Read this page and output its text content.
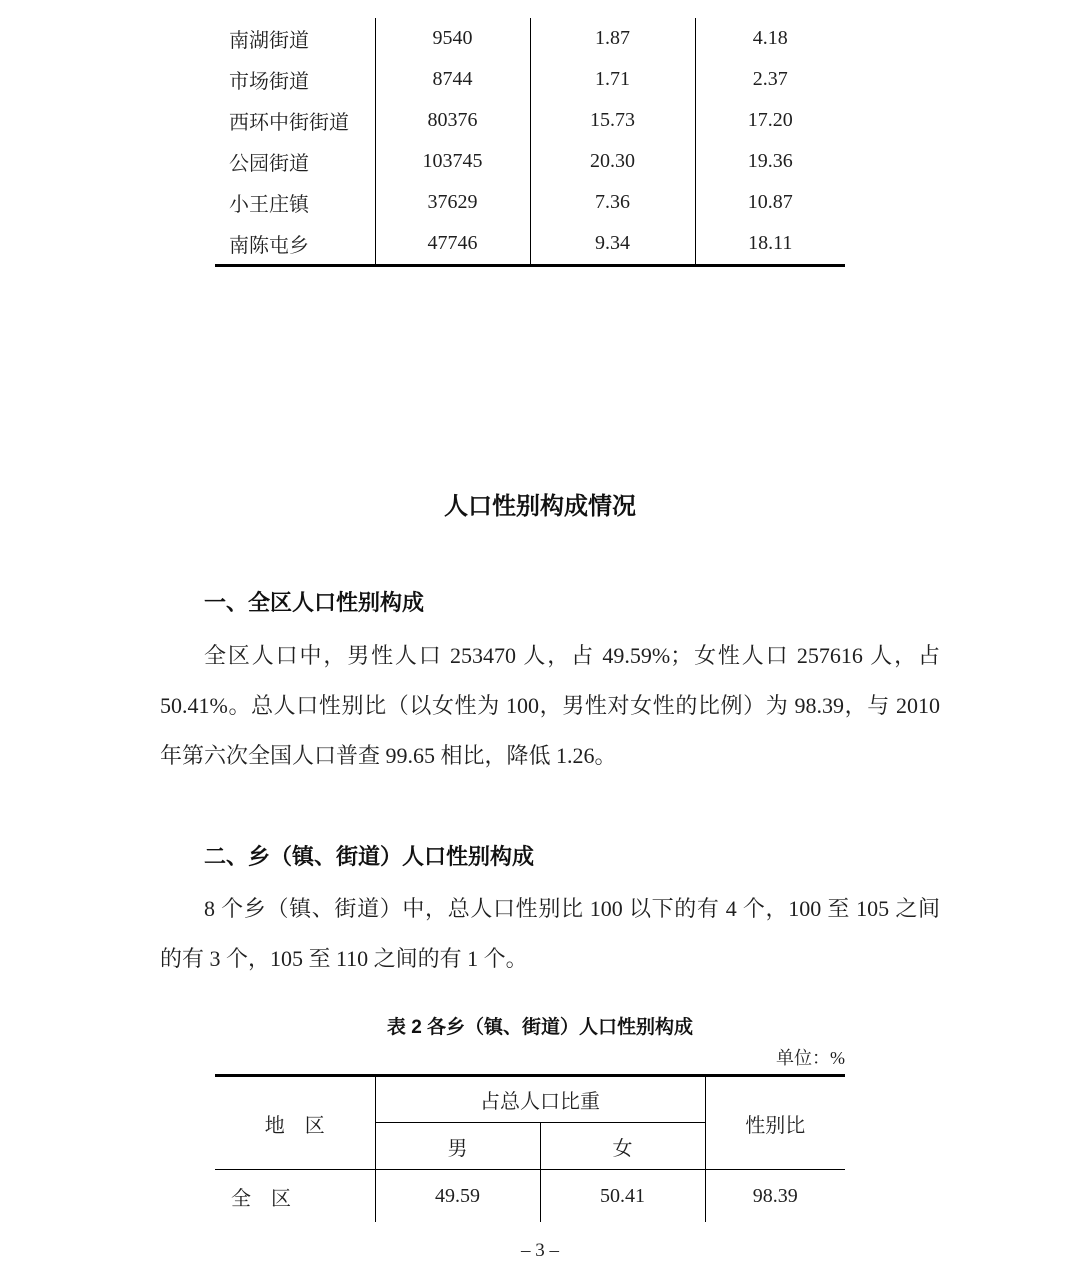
南湖街道	9540	1.87	4.18
市场街道	8744	1.71	2.37
西环中街街道	80376	15.73	17.20
公园街道	103745	20.30	19.36
小王庄镇	37629	7.36	10.87
南陈屯乡	47746	9.34	18.11
人口性别构成情况
一、全区人口性别构成

全区人口中，男性人口 253470 人，占 49.59%；女性人口 257616 人，占 50.41%。总人口性别比（以女性为 100，男性对女性的比例）为 98.39，与 2010 年第六次全国人口普查 99.65 相比，降低 1.26。

二、乡（镇、街道）人口性别构成

8 个乡（镇、街道）中，总人口性别比 100 以下的有 4 个，100 至 105 之间的有 3 个，105 至 110 之间的有 1 个。

表 2 各乡（镇、街道）人口性别构成
单位：%
地　区	占总人口比重		性别比
	男	女	
全　区	49.59	50.41	98.39
– 3 –
